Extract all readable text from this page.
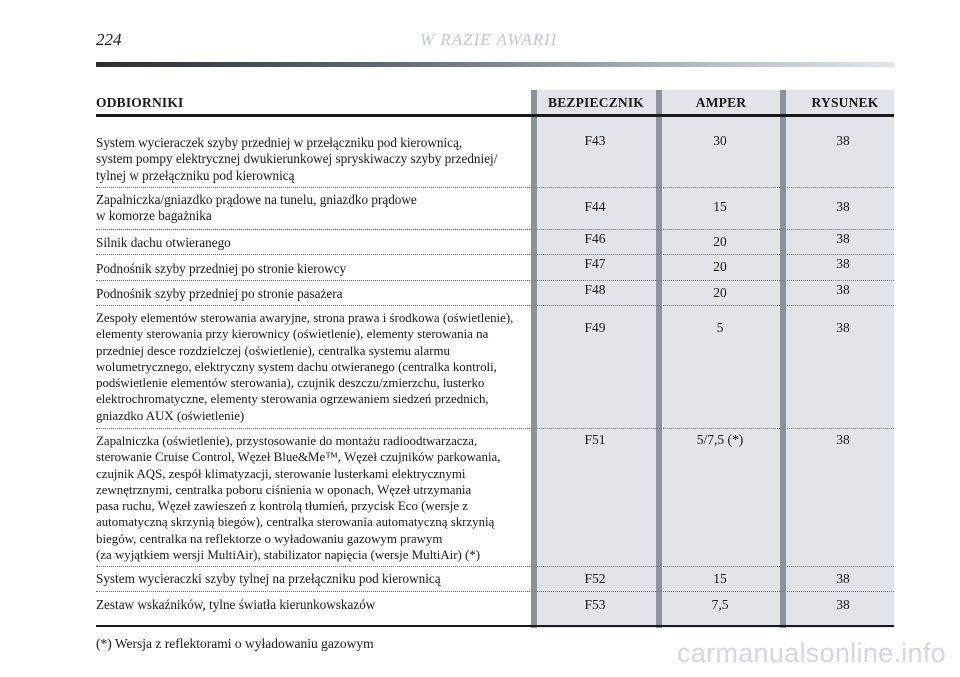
224	W RAZIE AWARII
ODBIORNIKI	BEZPIECZNIK	AMPER	RYSUNEK
System wycieraczek szyby przedniej w przełączniku pod kierownicą,
system pompy elektrycznej dwukierunkowej spryskiwaczy szyby przedniej/
tylnej w przełączniku pod kierownicą
F43	30	38
Zapalniczka/gniazdko prądowe na tunelu, gniazdko prądowe
w komorze bagażnika
F44	15	38
Silnik dachu otwieranego	F46	20	38
Podnośnik szyby przedniej po stronie kierowcy	F47	20	38
Podnośnik szyby przedniej po stronie pasażera	F48	20	38
Zespoły elementów sterowania awaryjne, strona prawa i środkowa (oświetlenie),
elementy sterowania przy kierownicy (oświetlenie), elementy sterowania na
przedniej desce rozdzielczej (oświetlenie), centralka systemu alarmu
wolumetrycznego, elektryczny system dachu otwieranego (centralka kontroli,
podświetlenie elementów sterowania), czujnik deszczu/zmierzchu, lusterko
elektrochromatyczne, elementy sterowania ogrzewaniem siedzeń przednich,
gniazdko AUX (oświetlenie)
F49	5	38
Zapalniczka (oświetlenie), przystosowanie do montażu radioodtwarzacza,
sterowanie Cruise Control, Węzeł Blue&Me™, Węzeł czujników parkowania,
czujnik AQS, zespół klimatyzacji, sterowanie lusterkami elektrycznymi
zewnętrznymi, centralka poboru ciśnienia w oponach, Węzeł utrzymania
pasa ruchu, Węzeł zawieszeń z kontrolą tłumień, przycisk Eco (wersje z
automatyczną skrzynią biegów), centralka sterowania automatyczną skrzynią
biegów, centralka na reflektorze o wyładowaniu gazowym prawym
(za wyjątkiem wersji MultiAir), stabilizator napięcia (wersje MultiAir) (*)
F51	5/7,5 (*)	38
System wycieraczki szyby tylnej na przełączniku pod kierownicą	F52	15	38
Zestaw wskaźników, tylne światła kierunkowskazów	F53	7,5	38
(*) Wersja z reflektorami o wyładowaniu gazowym	carmanualsonline.info
